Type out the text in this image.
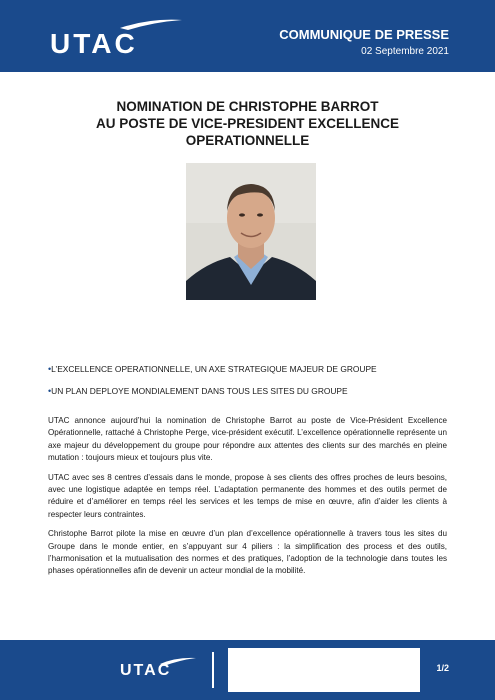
UTAC	COMMUNIQUE DE PRESSE
02 Septembre 2021
NOMINATION DE CHRISTOPHE BARROT
AU POSTE DE VICE-PRESIDENT EXCELLENCE
OPERATIONNELLE
•L’EXCELLENCE OPERATIONNELLE, UN AXE STRATEGIQUE MAJEUR DE GROUPE
•UN PLAN DEPLOYE MONDIALEMENT DANS TOUS LES SITES DU GROUPE

UTAC annonce aujourd’hui la nomination de Christophe Barrot au poste de Vice-Président Excellence Opérationnelle, rattaché à Christophe Perge, vice-président exécutif. L’excellence opérationnelle représente un axe majeur du développement du groupe pour répondre aux attentes des clients sur des marchés en pleine mutation : toujours mieux et toujours plus vite.

UTAC avec ses 8 centres d’essais dans le monde, propose à ses clients des offres proches de leurs besoins, avec une logistique adaptée en temps réel. L’adaptation permanente des hommes et des outils permet de réduire et d’améliorer en temps réel les services et les temps de mise en œuvre, afin d’aider les clients à respecter leurs contraintes.

Christophe Barrot pilote la mise en œuvre d’un plan d’excellence opérationnelle à travers tous les sites du Groupe dans le monde entier, en s’appuyant sur 4 piliers : la simplification des process et des outils, l’harmonisation et la mutualisation des normes et des pratiques, l’adoption de la technologie dans toutes les phases opérationnelles afin de devenir un acteur mondial de la mobilité.

UTAC	1/2
